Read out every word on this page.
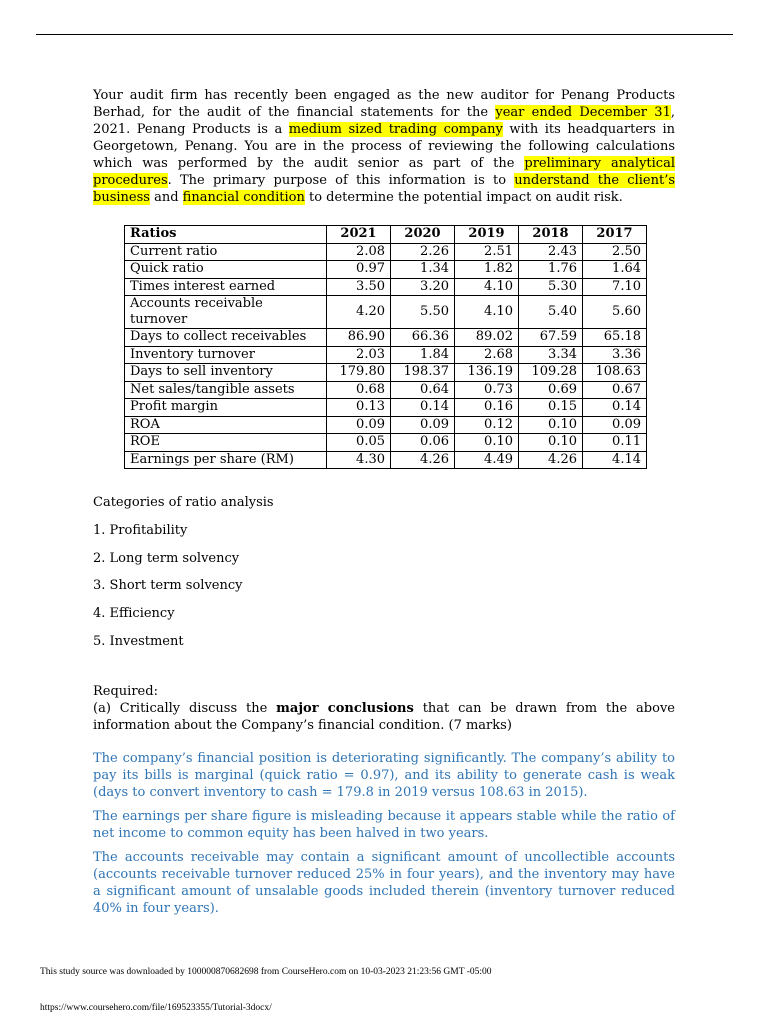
Your audit firm has recently been engaged as the new auditor for Penang Products Berhad, for the audit of the financial statements for the year ended December 31, 2021. Penang Products is a medium sized trading company with its headquarters in Georgetown, Penang. You are in the process of reviewing the following calculations which was performed by the audit senior as part of the preliminary analytical procedures. The primary purpose of this information is to understand the client’s business and financial condition to determine the potential impact on audit risk.

Ratios	2021	2020	2019	2018	2017
Current ratio	2.08	2.26	2.51	2.43	2.50
Quick ratio	0.97	1.34	1.82	1.76	1.64
Times interest earned	3.50	3.20	4.10	5.30	7.10
Accounts receivable turnover	4.20	5.50	4.10	5.40	5.60
Days to collect receivables	86.90	66.36	89.02	67.59	65.18
Inventory turnover	2.03	1.84	2.68	3.34	3.36
Days to sell inventory	179.80	198.37	136.19	109.28	108.63
Net sales/tangible assets	0.68	0.64	0.73	0.69	0.67
Profit margin	0.13	0.14	0.16	0.15	0.14
ROA	0.09	0.09	0.12	0.10	0.09
ROE	0.05	0.06	0.10	0.10	0.11
Earnings per share (RM)	4.30	4.26	4.49	4.26	4.14

Categories of ratio analysis

1. Profitability

2. Long term solvency

3. Short term solvency

4. Efficiency

5. Investment

Required:

(a) Critically discuss the major conclusions that can be drawn from the above information about the Company’s financial condition. (7 marks)

The company’s financial position is deteriorating significantly. The company’s ability to pay its bills is marginal (quick ratio = 0.97), and its ability to generate cash is weak (days to convert inventory to cash = 179.8 in 2019 versus 108.63 in 2015).

The earnings per share figure is misleading because it appears stable while the ratio of net income to common equity has been halved in two years.

The accounts receivable may contain a significant amount of uncollectible accounts (accounts receivable turnover reduced 25% in four years), and the inventory may have a significant amount of unsalable goods included therein (inventory turnover reduced 40% in four years).

This study source was downloaded by 100000870682698 from CourseHero.com on 10-03-2023 21:23:56 GMT -05:00
https://www.coursehero.com/file/169523355/Tutorial-3docx/
